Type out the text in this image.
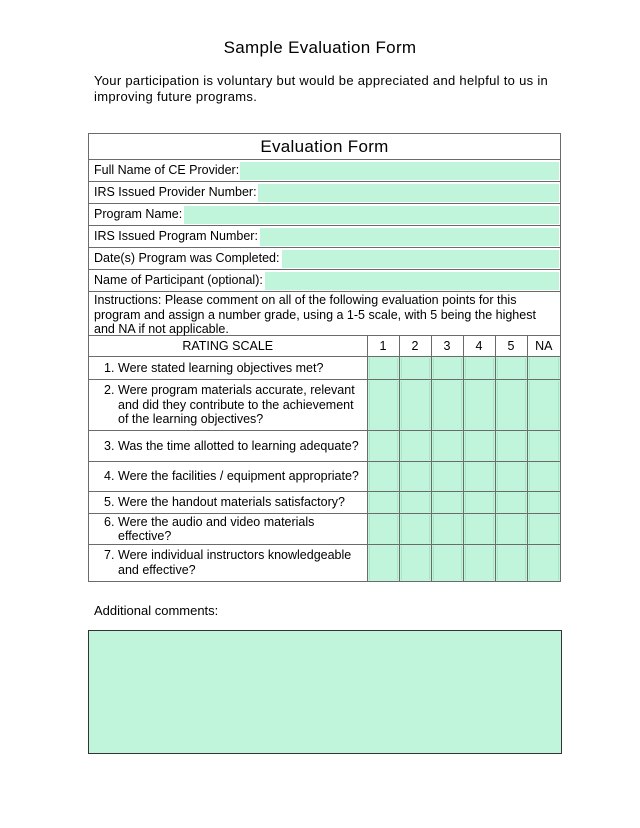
Sample Evaluation Form
Your participation is voluntary but would be appreciated and helpful to us in improving future programs.
Evaluation Form
Full Name of CE Provider:
IRS Issued Provider Number:
Program Name:
IRS Issued Program Number:
Date(s) Program was Completed:
Name of Participant (optional):
Instructions: Please comment on all of the following evaluation points for this program and assign a number grade, using a 1-5 scale, with 5 being the highest and NA if not applicable.
RATING SCALE	1	2	3	4	5	NA

1. Were stated learning objectives met?						

2. Were program materials accurate, relevant and did they contribute to the achievement of the learning objectives?						

3. Was the time allotted to learning adequate?						

4. Were the facilities / equipment appropriate?						

5. Were the handout materials satisfactory?						

6. Were the audio and video materials effective?						

7. Were individual instructors knowledgeable and effective?						

Additional comments:
